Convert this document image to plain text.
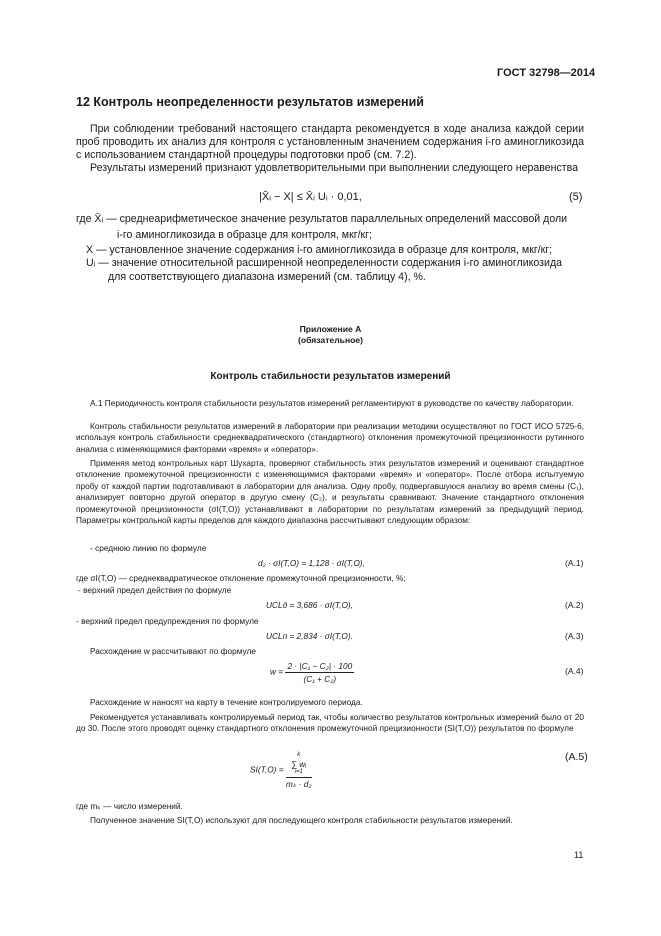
ГОСТ 32798—2014
12 Контроль неопределенности результатов измерений
При соблюдении требований настоящего стандарта рекомендуется в ходе анализа каждой серии проб проводить их анализ для контроля с установленным значением содержания i-го аминогликозида с использованием стандартной процедуры подготовки проб (см. 7.2).
Результаты измерений признают удовлетворительными при выполнении следующего неравенства
|X̄ᵢ − X| ≤ X̄ᵢ Uᵢ · 0,01,	(5)
где X̄ᵢ — среднеарифметическое значение результатов параллельных определений массовой доли
i-го аминогликозида в образце для контроля, мкг/кг;
X — установленное значение содержания i-го аминогликозида в образце для контроля, мкг/кг;
Uᵢ — значение относительной расширенной неопределенности содержания i-го аминогликозида
для соответствующего диапазона измерений (см. таблицу 4), %.
Приложение А
(обязательное)
Контроль стабильности результатов измерений
А.1 Периодичность контроля стабильности результатов измерений регламентируют в руководстве по качеству лаборатории.
Контроль стабильности результатов измерений в лаборатории при реализации методики осуществляют по ГОСТ ИСО 5725-6, используя контроль стабильности среднеквадратического (стандартного) отклонения промежуточной прецизионности рутинного анализа с изменяющимися факторами «время» и «оператор».
Применяя метод контрольных карт Шухарта, проверяют стабильность этих результатов измерений и оценивают стандартное отклонение промежуточной прецизионности с изменяющимися факторами «время» и «оператор». После отбора испытуемую пробу от каждой партии подготавливают в лаборатории для анализа. Одну пробу, подвергавшуюся анализу во время смены (C₁), анализирует повторно другой оператор в другую смену (C₂), и результаты сравнивают. Значение стандартного отклонения промежуточной прецизионности (σI(T,O)) устанавливают в лаборатории по результатам измерений за предыдущий период. Параметры контрольной карты пределов для каждого диапазона рассчитывают следующим образом:
- среднюю линию по формуле
d₂ · σI(T,O) = 1,128 · σI(T,O),	(А.1)
где σI(T,O) — среднеквадратическое отклонение промежуточной прецизионности, %;
- верхний предел действия по формуле
UCLд = 3,686 · σI(T,O),	(А.2)
- верхний предел предупреждения по формуле
UCLп = 2,834 · σI(T,O).	(А.3)
Расхождение w рассчитывают по формуле
$w = \frac{\text{2 · |C₁ − C₂| · 100}}{\text{(C₁ + C₂)}}$	(А.4)
Расхождение w наносят на карту в течение контролируемого периода.
Рекомендуется устанавливать контролируемый период так, чтобы количество результатов контрольных измерений было от 20 до 30. После этого проводят оценку стандартного отклонения промежуточной прецизионности (SI(T,O)) результатов по формуле
SI(T,O) = k
∑ wᵢ
i=1
mₖ · d₂	(А.5)
где mₖ — число измерений.
Полученное значение SI(T,O) используют для последующего контроля стабильности результатов измерений.
11
